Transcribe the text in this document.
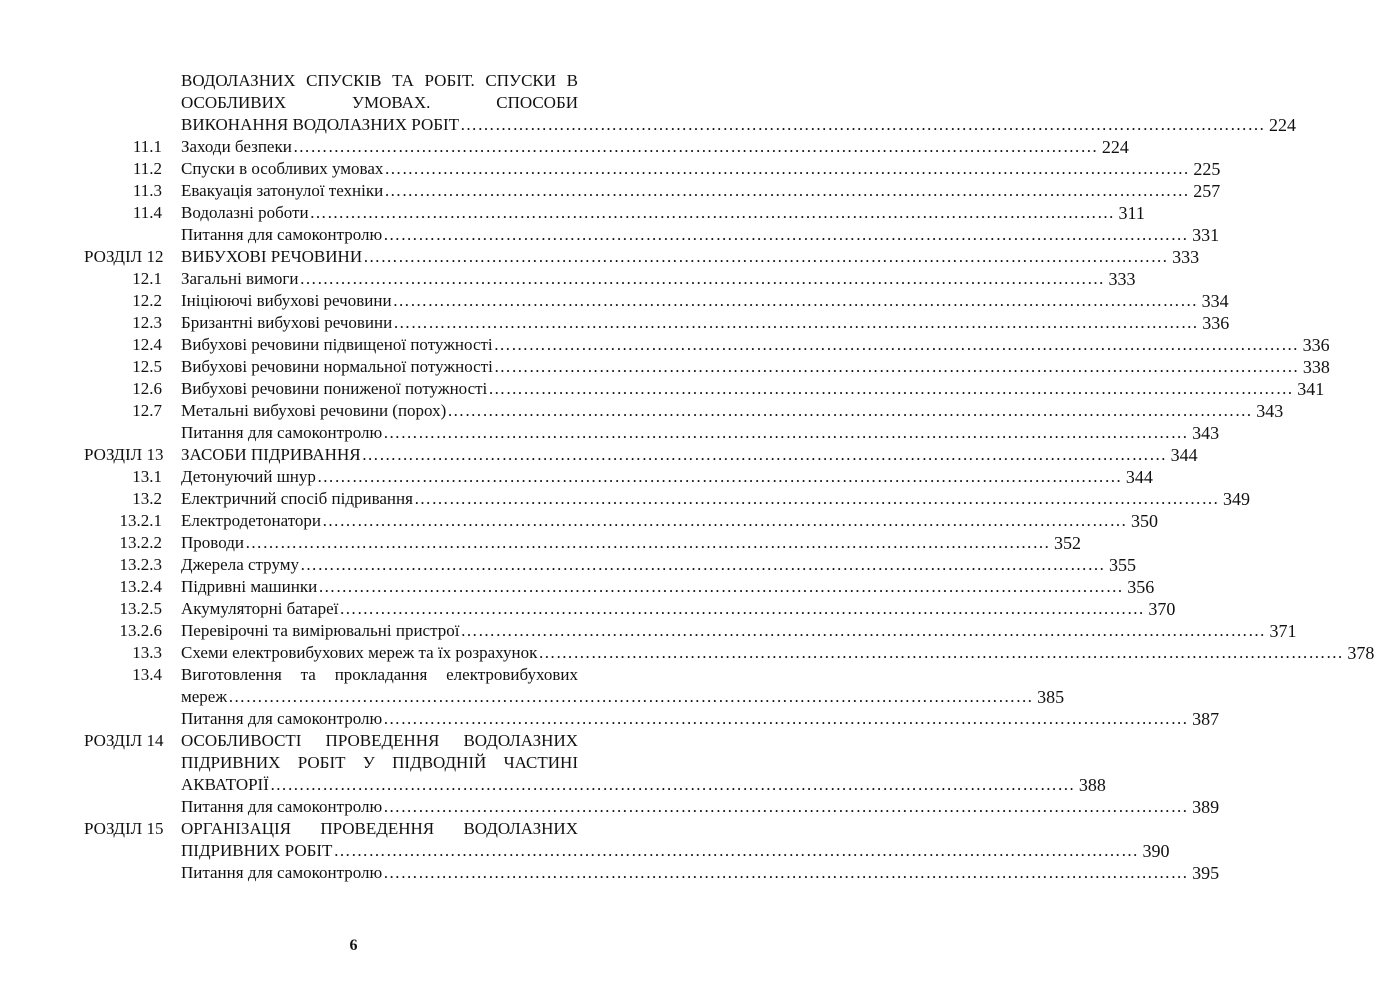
ВОДОЛАЗНИХ СПУСКІВ ТА РОБІТ. СПУСКИ В
ОСОБЛИВИХ УМОВАХ. СПОСОБИ
ВИКОНАННЯ ВОДОЛАЗНИХ РОБІТ ………………………………………………………………………………………………………………………… 224
11.1 Заходи безпеки ………………………………………………………………………………………………………………………… 224
11.2 Спуски в особливих умовах ………………………………………………………………………………………………………………………… 225
11.3 Евакуація затонулої техніки ………………………………………………………………………………………………………………………… 257
11.4 Водолазні роботи ………………………………………………………………………………………………………………………… 311
Питання для самоконтролю ………………………………………………………………………………………………………………………… 331
РОЗДІЛ 12 ВИБУХОВІ РЕЧОВИНИ ………………………………………………………………………………………………………………………… 333
12.1 Загальні вимоги ………………………………………………………………………………………………………………………… 333
12.2 Ініціюючі вибухові речовини ………………………………………………………………………………………………………………………… 334
12.3 Бризантні вибухові речовини ………………………………………………………………………………………………………………………… 336
12.4 Вибухові речовини підвищеної потужності ………………………………………………………………………………………………………………………… 336
12.5 Вибухові речовини нормальної потужності ………………………………………………………………………………………………………………………… 338
12.6 Вибухові речовини пониженої потужності ………………………………………………………………………………………………………………………… 341
12.7 Метальні вибухові речовини (порох) ………………………………………………………………………………………………………………………… 343
Питання для самоконтролю ………………………………………………………………………………………………………………………… 343
РОЗДІЛ 13 ЗАСОБИ ПІДРИВАННЯ ………………………………………………………………………………………………………………………… 344
13.1 Детонуючий шнур ………………………………………………………………………………………………………………………… 344
13.2 Електричний спосіб підривання ………………………………………………………………………………………………………………………… 349
13.2.1 Електродетонатори ………………………………………………………………………………………………………………………… 350
13.2.2 Проводи ………………………………………………………………………………………………………………………… 352
13.2.3 Джерела струму ………………………………………………………………………………………………………………………… 355
13.2.4 Підривні машинки ………………………………………………………………………………………………………………………… 356
13.2.5 Акумуляторні батареї ………………………………………………………………………………………………………………………… 370
13.2.6 Перевірочні та вимірювальні пристрої ………………………………………………………………………………………………………………………… 371
13.3 Схеми електровибухових мереж та їх розрахунок ………………………………………………………………………………………………………………………… 378
13.4 Виготовлення та прокладання електровибухових
мереж ………………………………………………………………………………………………………………………… 385
Питання для самоконтролю ………………………………………………………………………………………………………………………… 387
РОЗДІЛ 14 ОСОБЛИВОСТІ ПРОВЕДЕННЯ ВОДОЛАЗНИХ
ПІДРИВНИХ РОБІТ У ПІДВОДНІЙ ЧАСТИНІ
АКВАТОРІЇ ………………………………………………………………………………………………………………………… 388
Питання для самоконтролю ………………………………………………………………………………………………………………………… 389
РОЗДІЛ 15 ОРГАНІЗАЦІЯ ПРОВЕДЕННЯ ВОДОЛАЗНИХ
ПІДРИВНИХ РОБІТ ………………………………………………………………………………………………………………………… 390
Питання для самоконтролю ………………………………………………………………………………………………………………………… 395
6
